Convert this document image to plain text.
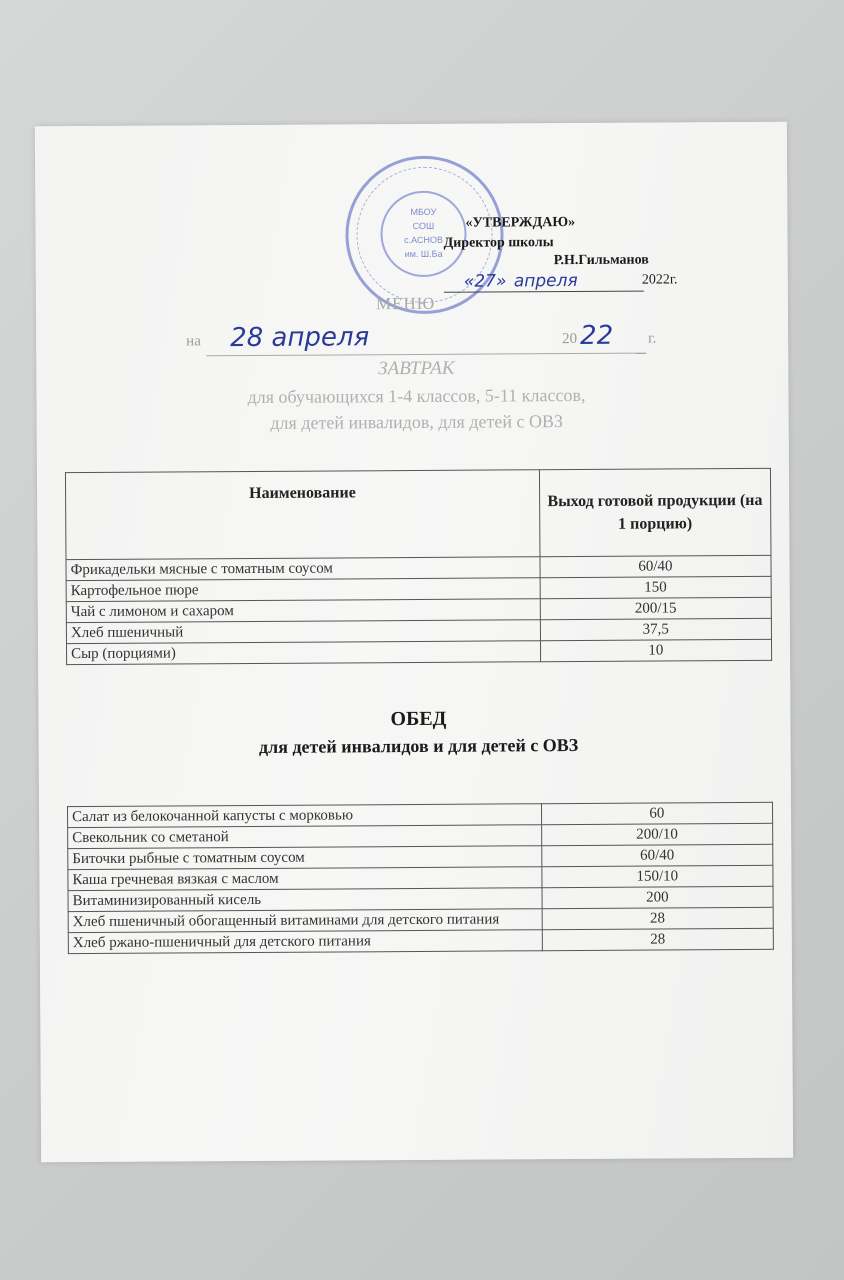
МБОУ
СОШ
с.АСНОВ
им. Ш.Ба
«УТВЕРЖДАЮ»
Директор школы
Р.Н.Гильманов
«27» апреля	2022г.
МЕНЮ
на 28 апреля	20 22 г.
ЗАВТРАК
для обучающихся 1-4 классов, 5-11 классов,
для детей инвалидов, для детей с ОВЗ
Наименование	Выход готовой продукции (на 1 порцию)
Фрикадельки мясные с томатным соусом	60/40
Картофельное пюре	150
Чай с лимоном и сахаром	200/15
Хлеб пшеничный	37,5
Сыр (порциями)	10
ОБЕД
для детей инвалидов и для детей с ОВЗ
Салат из белокочанной капусты с морковью	60
Свекольник со сметаной	200/10
Биточки рыбные с томатным соусом	60/40
Каша гречневая вязкая с маслом	150/10
Витаминизированный кисель	200
Хлеб пшеничный обогащенный витаминами для детского питания	28
Хлеб ржано-пшеничный для детского питания	28
